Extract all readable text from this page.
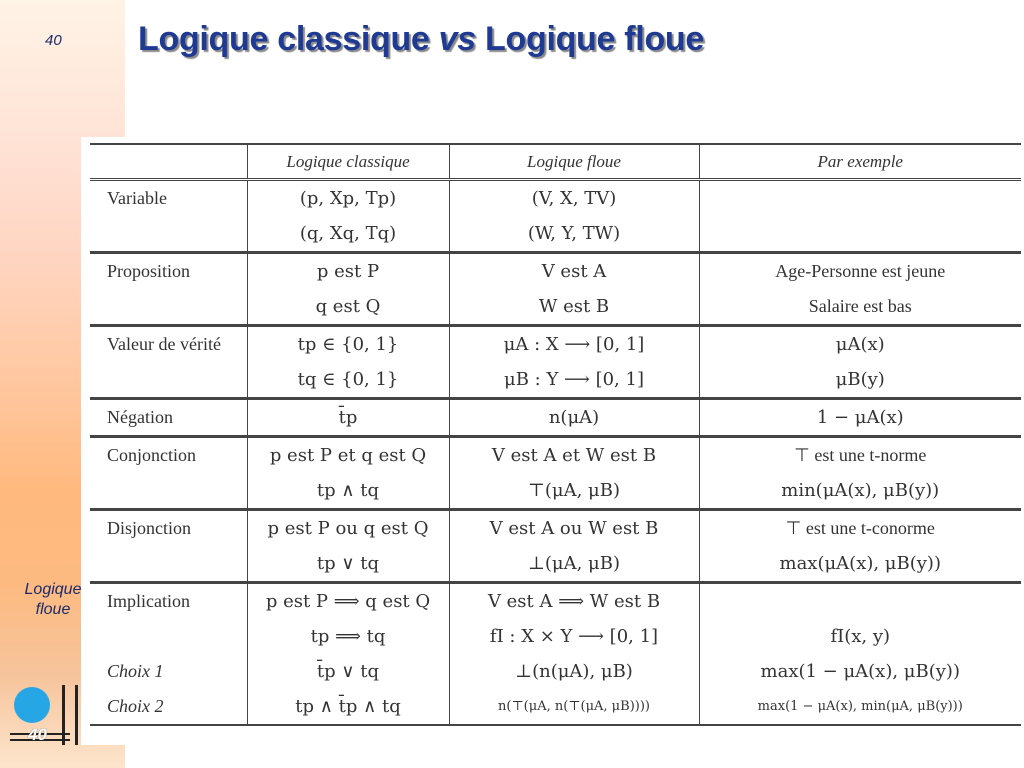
40	Logique classique vs Logique floue
Logique floue
40
	Logique classique	Logique floue	Par exemple
Variable	(p, Xp, Tp)	(V, X, TV)	
	(q, Xq, Tq)	(W, Y, TW)	
Proposition	p est P	V est A	Age-Personne est jeune
	q est Q	W est B	Salaire est bas
Valeur de vérité	tp ∈ {0, 1}	μA : X ⟶ [0, 1]	μA(x)
	tq ∈ {0, 1}	μB : Y ⟶ [0, 1]	μB(y)
Négation	t̄p	n(μA)	1 − μA(x)
Conjonction	p est P et q est Q	V est A et W est B	⊤ est une t-norme
	tp ∧ tq	⊤(μA, μB)	min(μA(x), μB(y))
Disjonction	p est P ou q est Q	V est A ou W est B	⊤ est une t-conorme
	tp ∨ tq	⊥(μA, μB)	max(μA(x), μB(y))
Implication	p est P ⟹ q est Q	V est A ⟹ W est B	
	tp ⟹ tq	fI : X × Y ⟶ [0, 1]	fI(x, y)
Choix 1	t̄p ∨ tq	⊥(n(μA), μB)	max(1 − μA(x), μB(y))
Choix 2	tp ∧ t̄p ∧ tq	n(⊤(μA, n(⊤(μA, μB))))	max(1 − μA(x), min(μA, μB(y)))
